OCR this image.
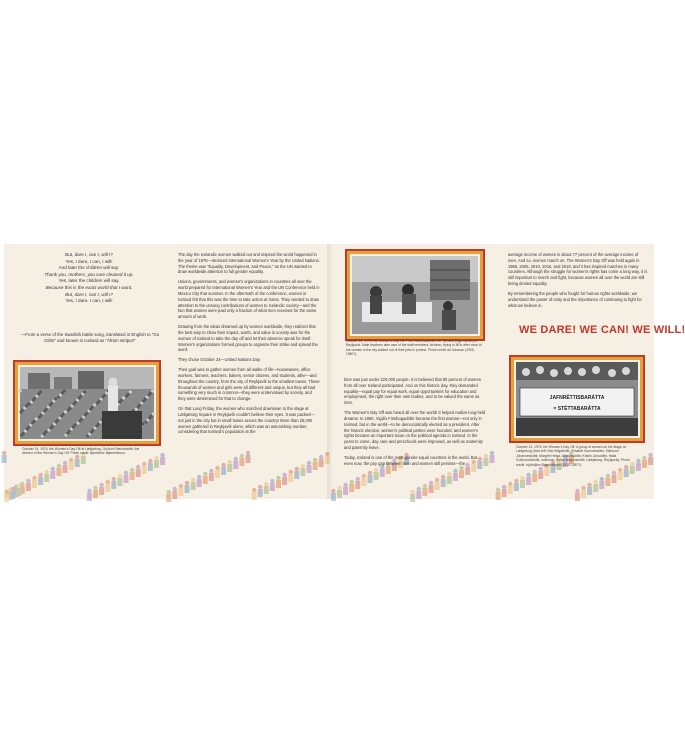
But, dare I, can I, will I?
Yes, I dare, I can, I will!
And later the children will say:
Thank you, mothers, you sure cleaned it up.
Yes, later the children will say,
Because this is the exact world that I want.
But, dare I, can I, will I?
Yes, I dare, I can, I will!
—From a verse of the Swedish battle song, translated in English to “Go Girls!” and known in Iceland as “Áfram stelpur!”
October 24, 1975, the Women's Day Off at Lækjartorg. Guðrún Erlendsdóttir, the director of the Women's Day Off. Photo credit: Bjarnleifur Bjarnleifsson.

The day the Icelandic women walked out and inspired the world happened in the year of 1975—declared International Women's Year by the United Nations. The theme was “Equality, Development, and Peace,” as the UN wanted to draw worldwide attention to full gender equality.

Unions, governments, and women's organizations in countries all over the world prepared for International Women's Year and the UN Conference held in Mexico City that summer. In the aftermath of the conference, women in Iceland felt that this was the time to take action at home. They wanted to draw attention to the unsung contributions of women to Icelandic society—and the fact that women were paid only a fraction of what men received for the same amount of work.

Drawing from the ideas dreamed up by women worldwide, they realized that the best way to show their impact, worth, and value in society was for the women of Iceland to take the day off and let their absence speak for itself. Women's organizations formed groups to organize their strike and spread the word.

They chose October 24—United Nations Day.

Their goal was to gather women from all walks of life—housewives, office workers, farmers, teachers, bakers, senior citizens, and students, alike—and throughout the country, from the city of Reykjavík to the smallest towns. These thousands of women and girls were all different and unique, but they all had something very much in common—they were undervalued by society, and they were determined for that to change.

On that Long Friday, the women who marched downtown to the stage at Lækjartorg Square in Reykjavík couldn't believe their eyes. It was packed—not just in the city but in small towns across the country! More than 25,000 women gathered in Reykjavík alone, which was an astonishing number, considering that Iceland's population at the

October 24, 1975, the Women's Day Off. From Menntaskólinn við Tjörnina (high school) in Reykjavík. Male teachers take care of the staff members' children, trying to fill in after most of the women in the city walked out of their jobs in protest. Photo credit: Ari Kárason (1905-1980?).

time was just under 220,000 people. It is believed that 90 percent of women from all over Iceland participated. And on this historic day, they demanded equality—equal pay for equal work, equal opportunities for education and employment, the right over their own bodies, and to be valued the same as men.

The Women's Day Off was heard all over the world! It helped realize long-held dreams: In 1980, Vigdís Finnbogadóttir became the first woman—not only in Iceland, but in the world—to be democratically elected as a president. After the historic election, women's political parties were founded, and women's rights became an important issue on the political agenda in Iceland. In the years to come, day care and preschools were improved, as well as maternity and paternity leave.

Today, Iceland is one of the most gender-equal countries in the world. But even now, the pay gap between men and women still persists—the

average income of women is about 77 percent of the average income of men. And so, women march on. The Women's Day Off was held again in 1985, 2005, 2010, 2016, and 2018, and it has inspired marches in many countries. Although the struggle for women's rights has come a long way, it is still important to march and fight, because women all over the world are still being denied equality.

By remembering the people who fought for human rights worldwide, we understand the power of unity and the importance of continuing to fight for what we believe in.

WE DARE! WE CAN! WE WILL!
JAFNRÉTTISBARÁTTA
= STÉTTABARÁTTA
October 24, 1975, the Women's Day Off. A group of women on the stage on Lækjartorg (from left: Brá Helgadóttir, Elísabet Gunnarsdóttir, Steinunn Jóhannesdóttir, Margrét Helga Jóhannsdóttir, Kristín Jónsdóttir, Halla Guðmundsdóttir, unknown, Auður Magnúsdóttir, Lækjartorg, Reykjavík). Photo credit: Þjóðviljinn Bjarnleifsson (1915-1987?).
